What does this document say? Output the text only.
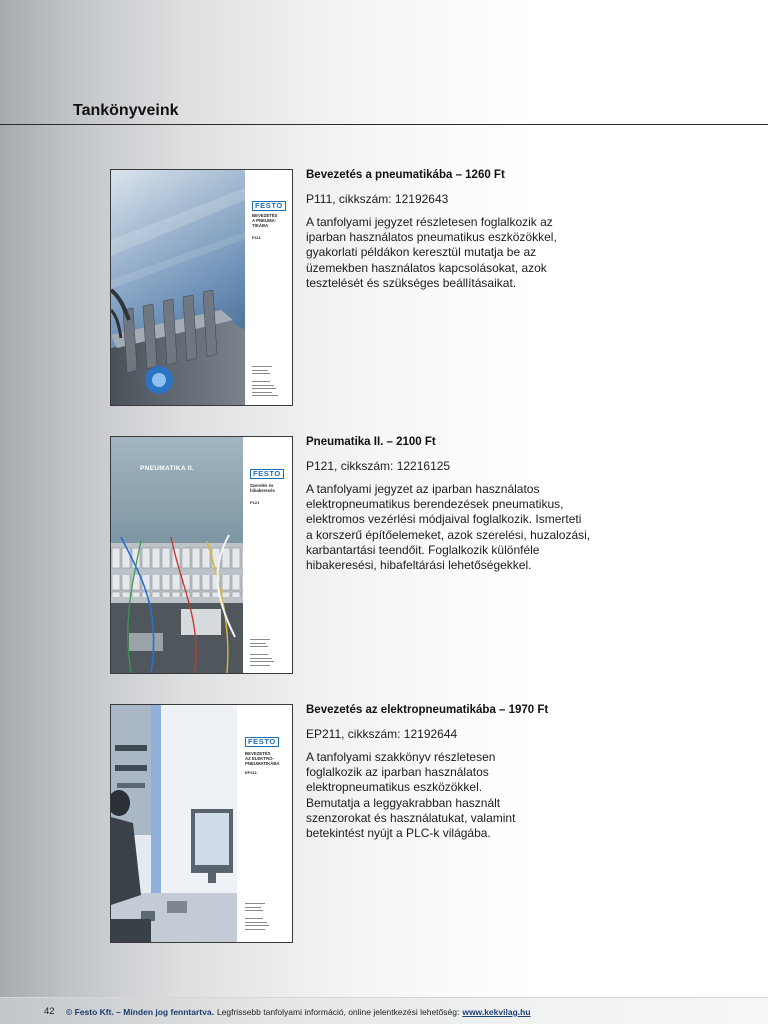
Tankönyveink
FESTO
BEVEZETÉS
A PNEUMA-
TIKÁBA
P111
Bevezetés a pneumatikába – 1260 Ft
P111, cikkszám: 12192643
A tanfolyami jegyzet részletesen foglalkozik az
iparban használatos pneumatikus eszközökkel,
gyakorlati példákon keresztül mutatja be az
üzemekben használatos kapcsolásokat, azok
tesztelését és szükséges beállításaikat.
PNEUMATIKA II.
FESTO
Szerelés és
hibakeresés
P121
Pneumatika II. – 2100 Ft
P121, cikkszám: 12216125
A tanfolyami jegyzet az iparban használatos
elektropneumatikus berendezések pneumatikus,
elektromos vezérlési módjaival foglalkozik. Ismerteti
a korszerű építőelemeket, azok szerelési, huzalozási,
karbantartási teendőit. Foglalkozik különféle
hibakeresési, hibafeltárási lehetőségekkel.
FESTO
BEVEZETÉS
AZ ELEKTRO-
PNEUMATIKÁBA
EP211
Bevezetés az elektropneumatikába – 1970 Ft
EP211, cikkszám: 12192644
A tanfolyami szakkönyv részletesen
foglalkozik az iparban használatos
elektropneumatikus eszközökkel.
Bemutatja a leggyakrabban használt
szenzorokat és használatukat, valamint
betekintést nyújt a PLC-k világába.
42 © Festo Kft. – Minden jog fenntartva. Legfrissebb tanfolyami információ, online jelentkezési lehetőség: www.kekvilag.hu
